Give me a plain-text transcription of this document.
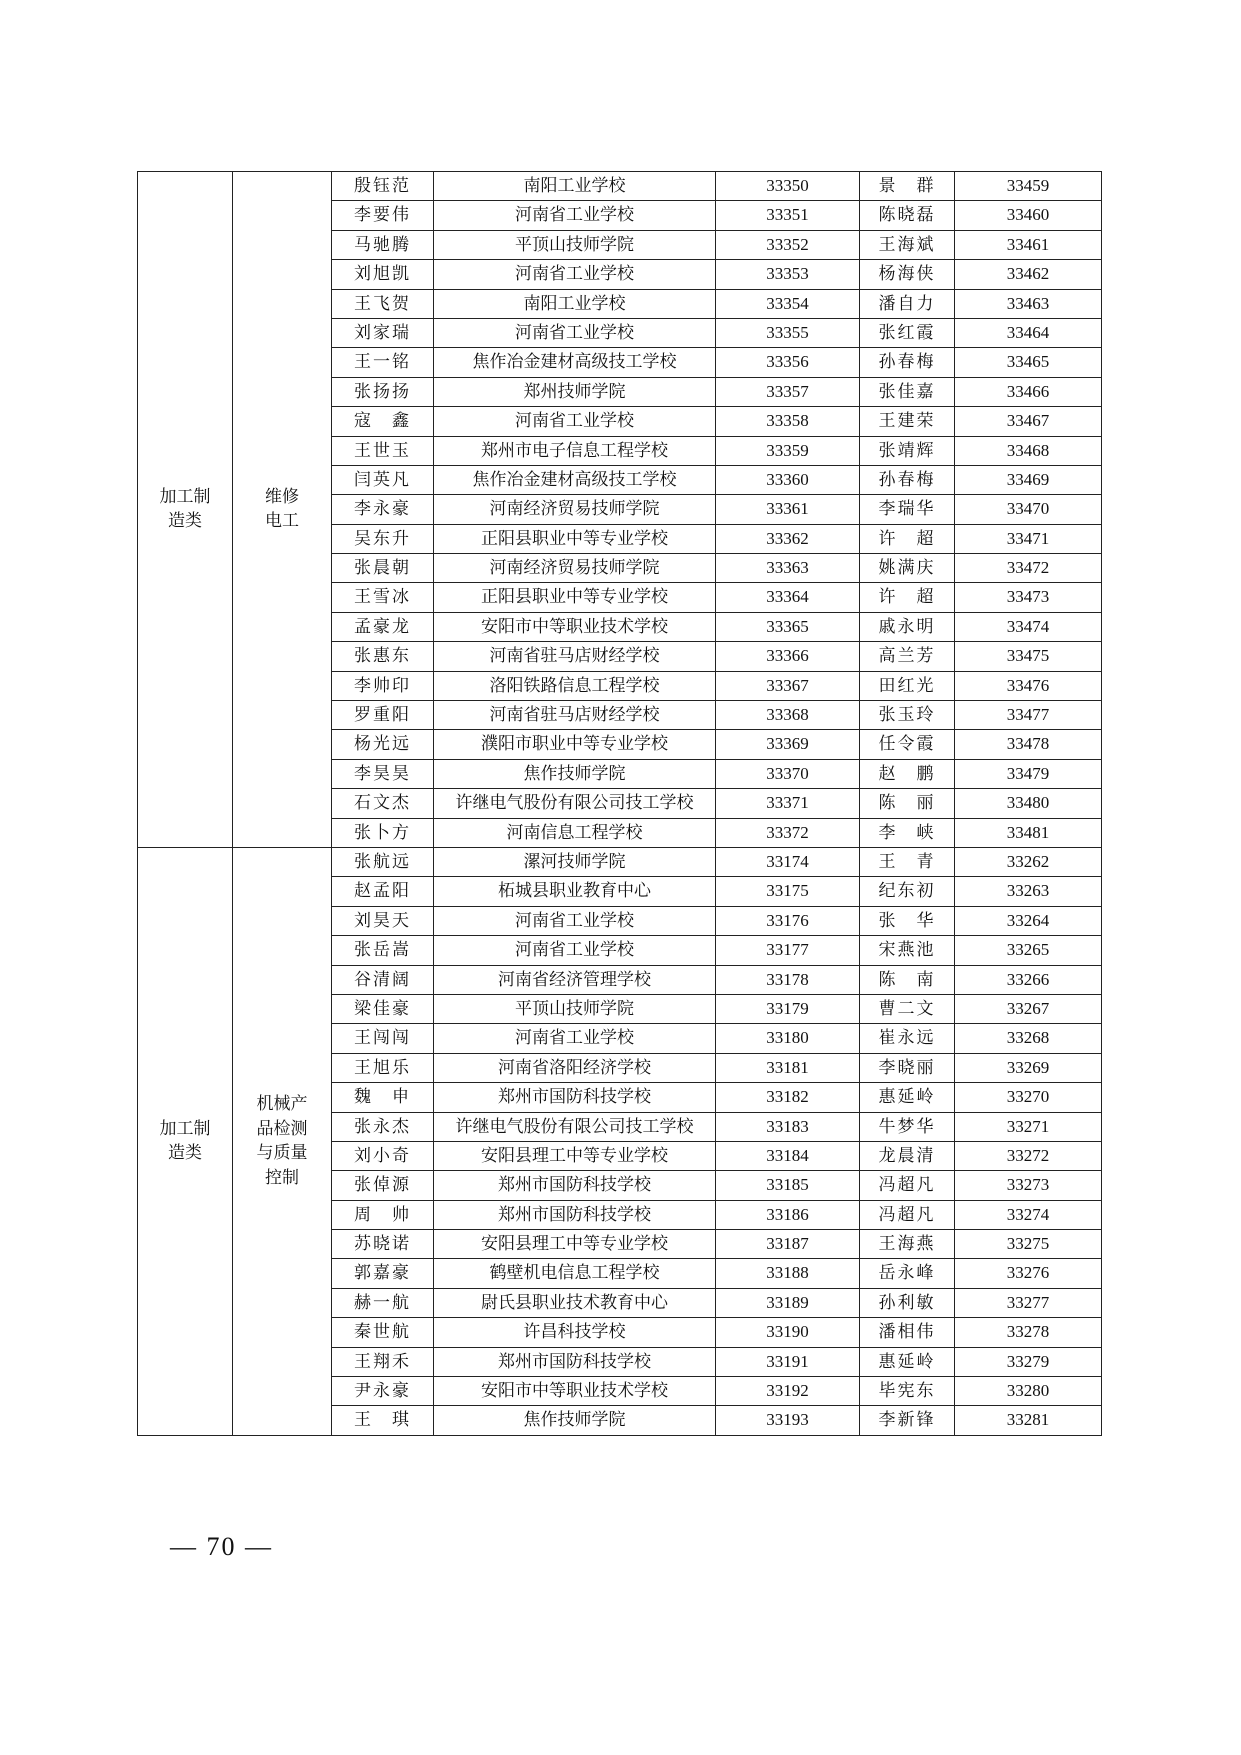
加工制
造类	维修
电工	殷钰范	南阳工业学校	33350	景　群	33459
		李要伟	河南省工业学校	33351	陈晓磊	33460
		马驰腾	平顶山技师学院	33352	王海斌	33461
		刘旭凯	河南省工业学校	33353	杨海侠	33462
		王飞贺	南阳工业学校	33354	潘自力	33463
		刘家瑞	河南省工业学校	33355	张红霞	33464
		王一铭	焦作冶金建材高级技工学校	33356	孙春梅	33465
		张扬扬	郑州技师学院	33357	张佳嘉	33466
		寇　鑫	河南省工业学校	33358	王建荣	33467
		王世玉	郑州市电子信息工程学校	33359	张靖辉	33468
		闫英凡	焦作冶金建材高级技工学校	33360	孙春梅	33469
		李永豪	河南经济贸易技师学院	33361	李瑞华	33470
		吴东升	正阳县职业中等专业学校	33362	许　超	33471
		张晨朝	河南经济贸易技师学院	33363	姚满庆	33472
		王雪冰	正阳县职业中等专业学校	33364	许　超	33473
		孟豪龙	安阳市中等职业技术学校	33365	戚永明	33474
		张惠东	河南省驻马店财经学校	33366	高兰芳	33475
		李帅印	洛阳铁路信息工程学校	33367	田红光	33476
		罗重阳	河南省驻马店财经学校	33368	张玉玲	33477
		杨光远	濮阳市职业中等专业学校	33369	任令霞	33478
		李昊昊	焦作技师学院	33370	赵　鹏	33479
		石文杰	许继电气股份有限公司技工学校	33371	陈　丽	33480
		张卜方	河南信息工程学校	33372	李　峡	33481
加工制
造类	机械产
品检测
与质量
控制	张航远	漯河技师学院	33174	王　青	33262
		赵孟阳	柘城县职业教育中心	33175	纪东初	33263
		刘昊天	河南省工业学校	33176	张　华	33264
		张岳嵩	河南省工业学校	33177	宋燕池	33265
		谷清阔	河南省经济管理学校	33178	陈　南	33266
		梁佳豪	平顶山技师学院	33179	曹二文	33267
		王闯闯	河南省工业学校	33180	崔永远	33268
		王旭乐	河南省洛阳经济学校	33181	李晓丽	33269
		魏　申	郑州市国防科技学校	33182	惠延岭	33270
		张永杰	许继电气股份有限公司技工学校	33183	牛梦华	33271
		刘小奇	安阳县理工中等专业学校	33184	龙晨清	33272
		张倬源	郑州市国防科技学校	33185	冯超凡	33273
		周　帅	郑州市国防科技学校	33186	冯超凡	33274
		苏晓诺	安阳县理工中等专业学校	33187	王海燕	33275
		郭嘉豪	鹤壁机电信息工程学校	33188	岳永峰	33276
		赫一航	尉氏县职业技术教育中心	33189	孙利敏	33277
		秦世航	许昌科技学校	33190	潘相伟	33278
		王翔禾	郑州市国防科技学校	33191	惠延岭	33279
		尹永豪	安阳市中等职业技术学校	33192	毕宪东	33280
		王　琪	焦作技师学院	33193	李新锋	33281
— 70 —
